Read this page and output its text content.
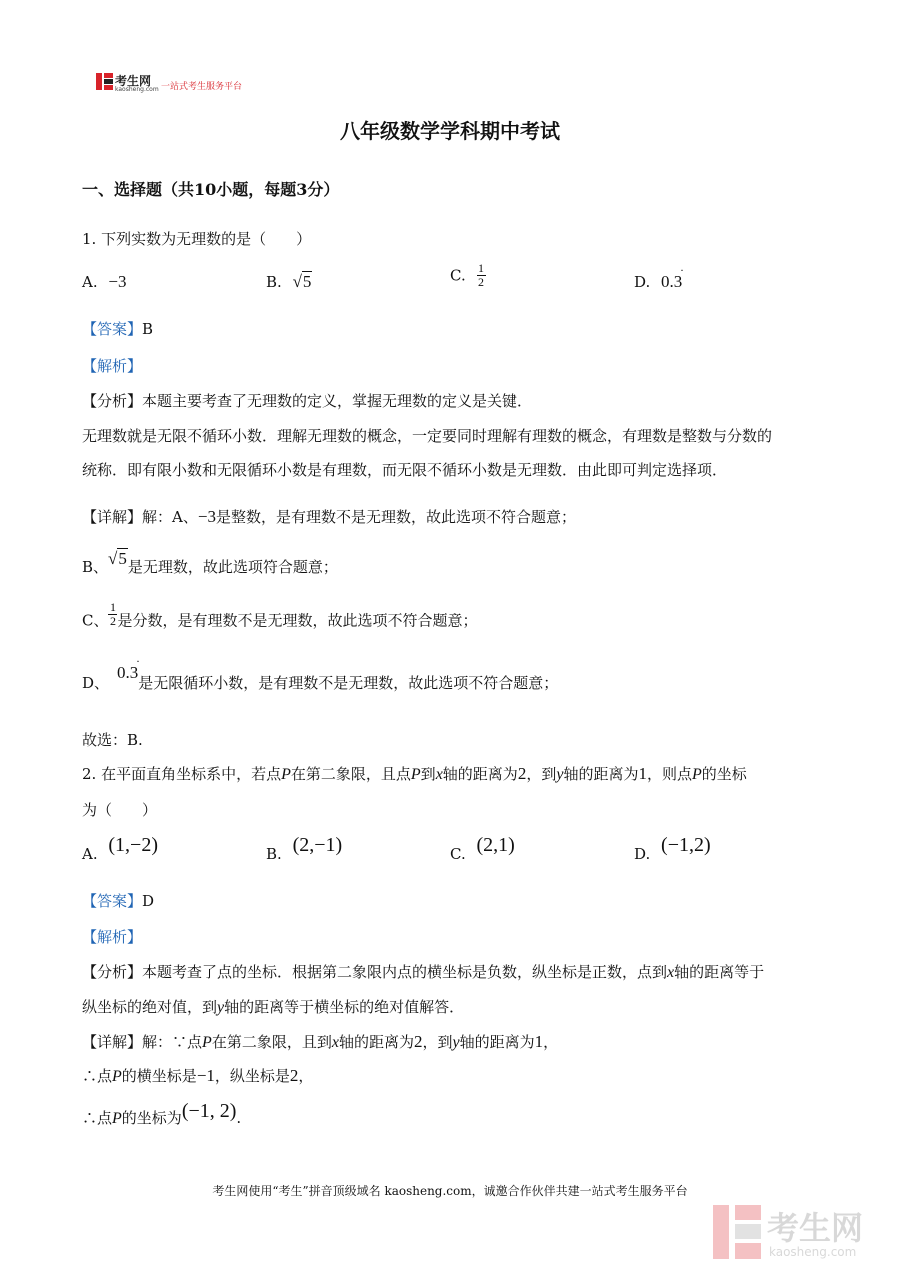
考生网
kaosheng.com 一站式考生服务平台
八年级数学学科期中考试
一、选择题（共10小题，每题3分）
1. 下列实数为无理数的是（　　）
A. −3	B. √5	C. $\frac{1}{2}$	D. 0.3
·
【答案】B
【解析】
【分析】本题主要考查了无理数的定义，掌握无理数的定义是关键．
无理数就是无限不循环小数．理解无理数的概念，一定要同时理解有理数的概念，有理数是整数与分数的
统称．即有限小数和无限循环小数是有理数，而无限不循环小数是无理数．由此即可判定选择项．
【详解】解：A、−3是整数，是有理数不是无理数，故此选项不符合题意；
B、√5是无理数，故此选项符合题意；
C、 $\frac{1}{2}$ 是分数，是有理数不是无理数，故此选项不符合题意；
D、0.3
·
是无限循环小数，是有理数不是无理数，故此选项不符合题意；
故选：B.
2. 在平面直角坐标系中，若点P在第二象限，且点P到x轴的距离为2，到y轴的距离为1，则点P的坐标
为（　　）
A. (1,−2)	B. (2,−1)	C. (2,1)	D. (−1,2)
【答案】D
【解析】
【分析】本题考查了点的坐标．根据第二象限内点的横坐标是负数，纵坐标是正数，点到x轴的距离等于
纵坐标的绝对值，到y轴的距离等于横坐标的绝对值解答．
【详解】解：∵点P在第二象限，且到x轴的距离为2，到y轴的距离为1，
∴点P的横坐标是−1，纵坐标是2，
∴点P的坐标为(−1, 2).
考生网使用“考生”拼音顶级域名 kaosheng.com，诚邀合作伙伴共建一站式考生服务平台
考生网
kaosheng.com
